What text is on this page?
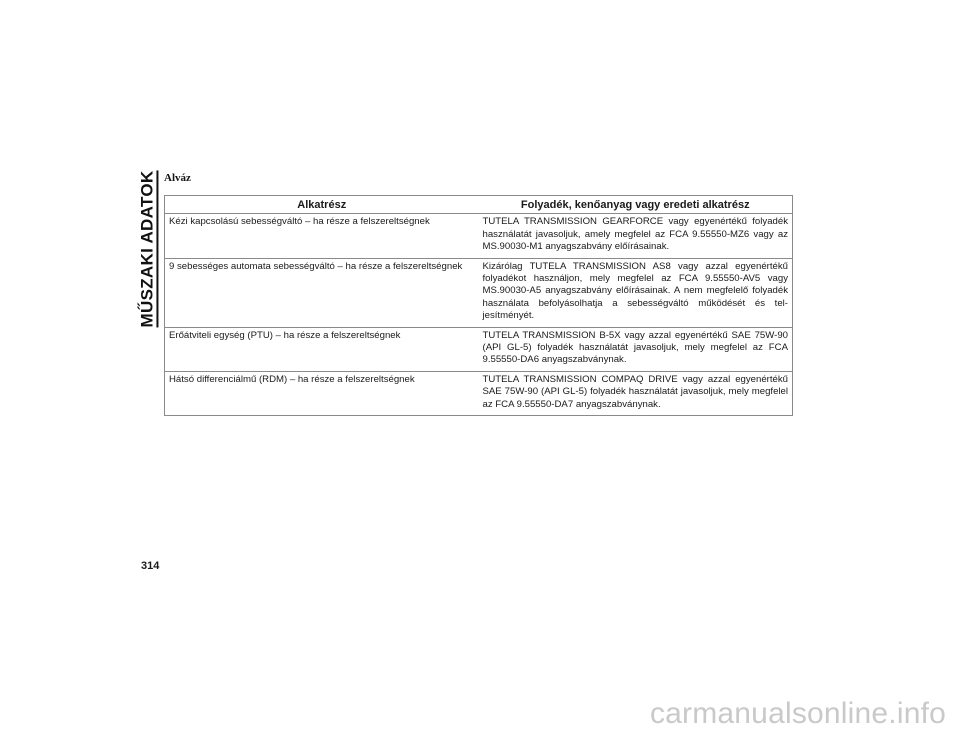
MŰSZAKI ADATOK Alváz
Alkatrész	Folyadék, kenőanyag vagy eredeti alkatrész
Kézi kapcsolású sebességváltó – ha része a felszereltségnek	TUTELA TRANSMISSION GEARFORCE vagy egyenértékű folyadék használatát javasoljuk, amely megfelel az FCA 9.55550-MZ6 vagy az MS.90030-M1 anyagszabvány előírásainak.
9 sebességes automata sebességváltó – ha része a felszereltségnek	Kizárólag TUTELA TRANSMISSION AS8 vagy azzal egyenértékű folyadékot használjon, mely megfelel az FCA 9.55550-AV5 vagy MS.90030-A5 anyagszabvány előírásainak. A nem megfelelő folyadék használata befolyásolhatja a sebességváltó működését és teljesítményét.
Erőátviteli egység (PTU) – ha része a felszereltségnek	TUTELA TRANSMISSION B-5X vagy azzal egyenértékű SAE 75W-90 (API GL-5) folyadék használatát javasoljuk, mely megfelel az FCA 9.55550-DA6 anyagszabványnak.
Hátsó differenciálmű (RDM) – ha része a felszereltségnek	TUTELA TRANSMISSION COMPAQ DRIVE vagy azzal egyenértékű SAE 75W-90 (API GL-5) folyadék használatát javasoljuk, mely megfelel az FCA 9.55550-DA7 anyagszabványnak.
314
carmanualsonline.info
